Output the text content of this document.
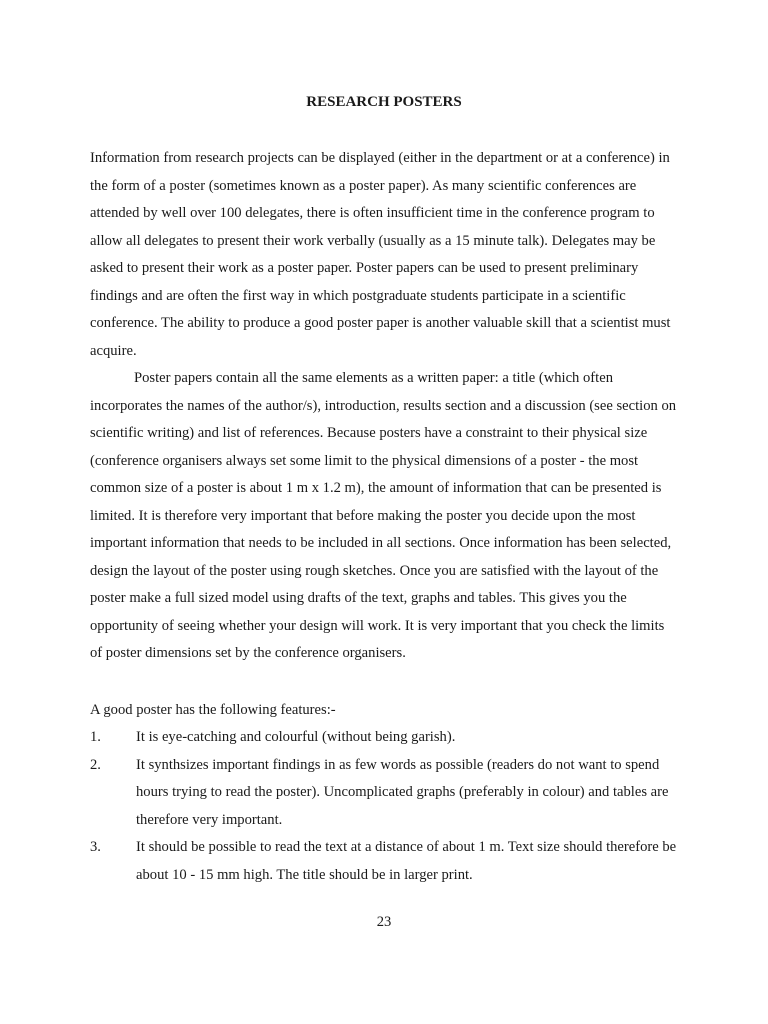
RESEARCH POSTERS

Information from research projects can be displayed (either in the department or at a conference) in the form of a poster (sometimes known as a poster paper). As many scientific conferences are attended by well over 100 delegates, there is often insufficient time in the conference program to allow all delegates to present their work verbally (usually as a 15 minute talk). Delegates may be asked to present their work as a poster paper. Poster papers can be used to present preliminary findings and are often the first way in which postgraduate students participate in a scientific conference. The ability to produce a good poster paper is another valuable skill that a scientist must acquire.

Poster papers contain all the same elements as a written paper: a title (which often incorporates the names of the author/s), introduction, results section and a discussion (see section on scientific writing) and list of references. Because posters have a constraint to their physical size (conference organisers always set some limit to the physical dimensions of a poster - the most common size of a poster is about 1 m x 1.2 m), the amount of information that can be presented is limited. It is therefore very important that before making the poster you decide upon the most important information that needs to be included in all sections. Once information has been selected, design the layout of the poster using rough sketches. Once you are satisfied with the layout of the poster make a full sized model using drafts of the text, graphs and tables. This gives you the opportunity of seeing whether your design will work. It is very important that you check the limits of poster dimensions set by the conference organisers.

A good poster has the following features:-

1.	It is eye-catching and colourful (without being garish).
2.	It synthsizes important findings in as few words as possible (readers do not want to spend hours trying to read the poster). Uncomplicated graphs (preferably in colour) and tables are therefore very important.
3.	It should be possible to read the text at a distance of about 1 m. Text size should therefore be about 10 - 15 mm high. The title should be in larger print.
23
